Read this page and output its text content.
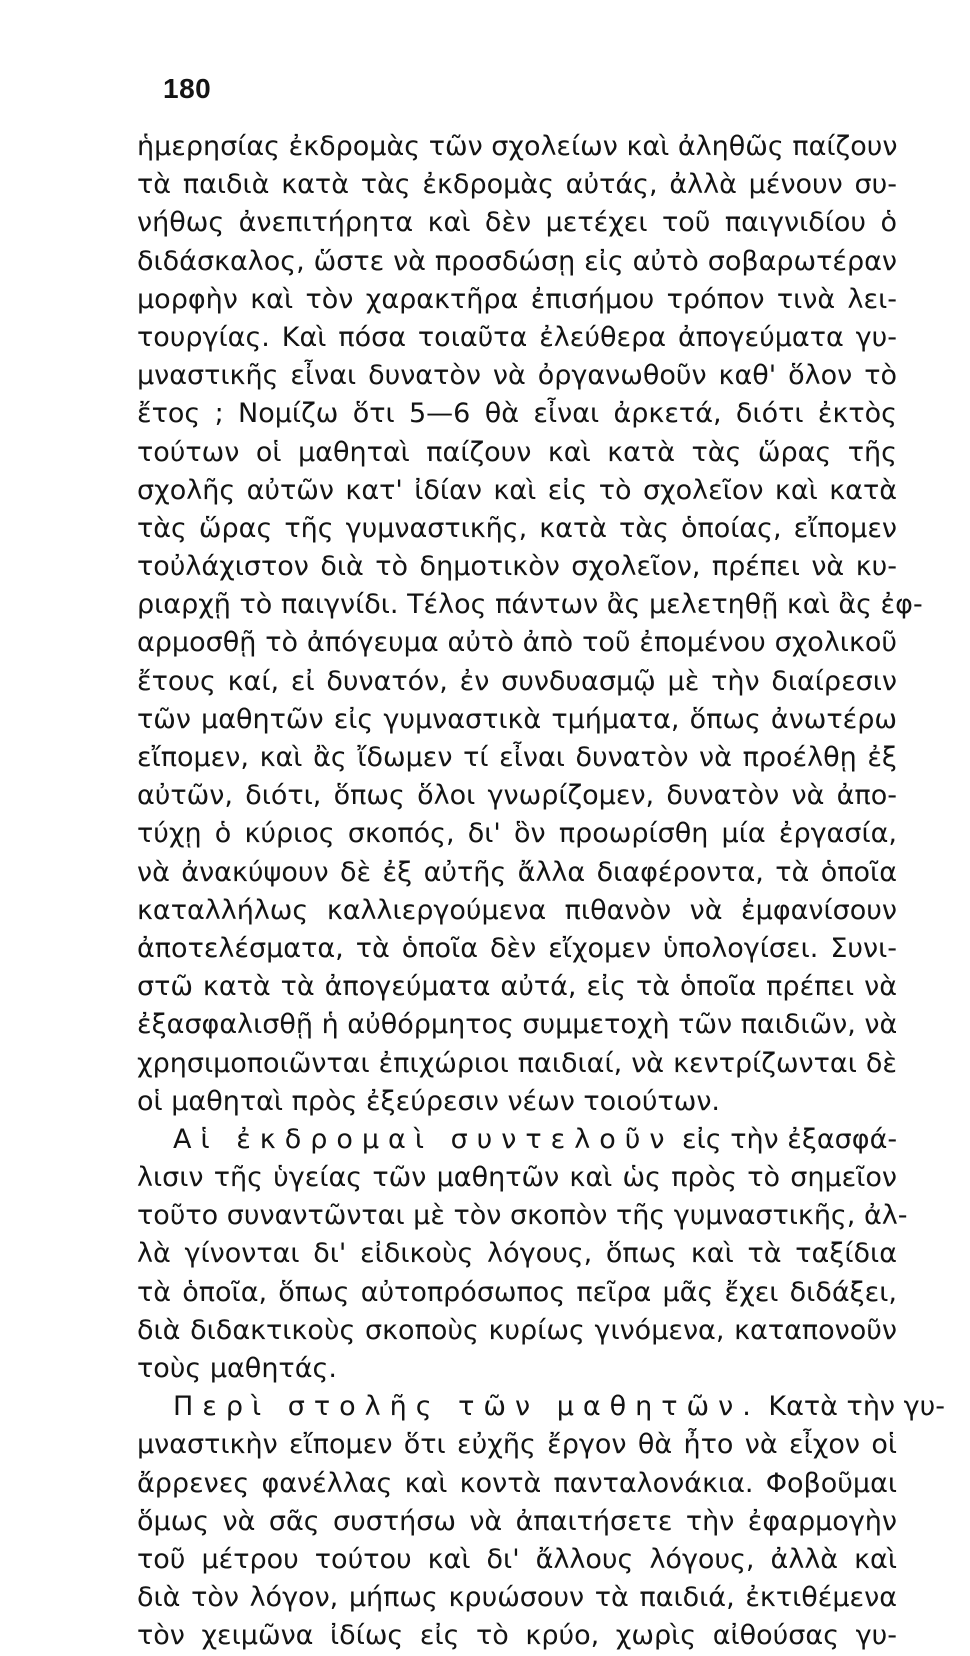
180
ἡμερησίας ἐκδρομὰς τῶν σχολείων καὶ ἀληθῶς παίζουν
τὰ παιδιὰ κατὰ τὰς ἐκδρομὰς αὐτάς, ἀλλὰ μένουν συ-
νήθως ἀνεπιτήρητα καὶ δὲν μετέχει τοῦ παιγνιδίου ὁ
διδάσκαλος, ὥστε νὰ προσδώσῃ εἰς αὐτὸ σοβαρωτέραν
μορφὴν καὶ τὸν χαρακτῆρα ἐπισήμου τρόπον τινὰ λει-
τουργίας. Καὶ πόσα τοιαῦτα ἐλεύθερα ἀπογεύματα γυ-
μναστικῆς εἶναι δυνατὸν νὰ ὀργανωθοῦν καθ' ὅλον τὸ
ἔτος ; Νομίζω ὅτι 5—6 θὰ εἶναι ἀρκετά, διότι ἐκτὸς
τούτων οἱ μαθηταὶ παίζουν καὶ κατὰ τὰς ὥρας τῆς
σχολῆς αὐτῶν κατ' ἰδίαν καὶ εἰς τὸ σχολεῖον καὶ κατὰ
τὰς ὥρας τῆς γυμναστικῆς, κατὰ τὰς ὁποίας, εἴπομεν
τοὐλάχιστον διὰ τὸ δημοτικὸν σχολεῖον, πρέπει νὰ κυ-
ριαρχῇ τὸ παιγνίδι. Τέλος πάντων ἂς μελετηθῇ καὶ ἂς ἐφ-
αρμοσθῇ τὸ ἀπόγευμα αὐτὸ ἀπὸ τοῦ ἐπομένου σχολικοῦ
ἔτους καί, εἰ δυνατόν, ἐν συνδυασμῷ μὲ τὴν διαίρεσιν
τῶν μαθητῶν εἰς γυμναστικὰ τμήματα, ὅπως ἀνωτέρω
εἴπομεν, καὶ ἂς ἴδωμεν τί εἶναι δυνατὸν νὰ προέλθῃ ἐξ
αὐτῶν, διότι, ὅπως ὅλοι γνωρίζομεν, δυνατὸν νὰ ἀπο-
τύχῃ ὁ κύριος σκοπός, δι' ὃν προωρίσθη μία ἐργασία,
νὰ ἀνακύψουν δὲ ἐξ αὐτῆς ἄλλα διαφέροντα, τὰ ὁποῖα
καταλλήλως καλλιεργούμενα πιθανὸν νὰ ἐμφανίσουν
ἀποτελέσματα, τὰ ὁποῖα δὲν εἴχομεν ὑπολογίσει. Συνι-
στῶ κατὰ τὰ ἀπογεύματα αὐτά, εἰς τὰ ὁποῖα πρέπει νὰ
ἐξασφαλισθῇ ἡ αὐθόρμητος συμμετοχὴ τῶν παιδιῶν, νὰ
χρησιμοποιῶνται ἐπιχώριοι παιδιαί, νὰ κεντρίζωνται δὲ
οἱ μαθηταὶ πρὸς ἐξεύρεσιν νέων τοιούτων.
Αἱ ἐκδρομαὶ συντελοῦν εἰς τὴν ἐξασφά-
λισιν τῆς ὑγείας τῶν μαθητῶν καὶ ὡς πρὸς τὸ σημεῖον
τοῦτο συναντῶνται μὲ τὸν σκοπὸν τῆς γυμναστικῆς, ἀλ-
λὰ γίνονται δι' εἰδικοὺς λόγους, ὅπως καὶ τὰ ταξίδια
τὰ ὁποῖα, ὅπως αὐτοπρόσωπος πεῖρα μᾶς ἔχει διδάξει,
διὰ διδακτικοὺς σκοποὺς κυρίως γινόμενα, καταπονοῦν
τοὺς μαθητάς.
Περὶ στολῆς τῶν μαθητῶν. Κατὰ τὴν γυ-
μναστικὴν εἴπομεν ὅτι εὐχῆς ἔργον θὰ ἦτο νὰ εἶχον οἱ
ἄρρενες φανέλλας καὶ κοντὰ πανταλονάκια. Φοβοῦμαι
ὅμως νὰ σᾶς συστήσω νὰ ἀπαιτήσετε τὴν ἐφαρμογὴν
τοῦ μέτρου τούτου καὶ δι' ἄλλους λόγους, ἀλλὰ καὶ
διὰ τὸν λόγον, μήπως κρυώσουν τὰ παιδιά, ἐκτιθέμενα
τὸν χειμῶνα ἰδίως εἰς τὸ κρύο, χωρὶς αἰθούσας γυ-
